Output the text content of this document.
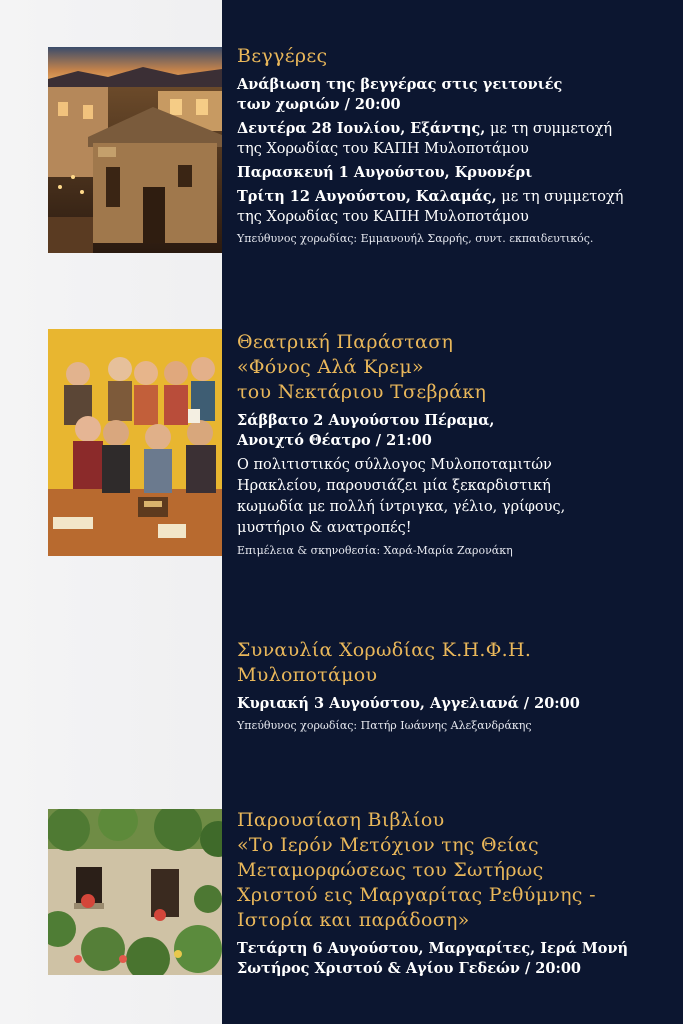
Βεγγέρες
Ανάβιωση της βεγγέρας στις γειτονιές
των χωριών / 20:00
Δευτέρα 28 Ιουλίου, Εξάντης, με τη συμμετοχή
της Χορωδίας του ΚΑΠΗ Μυλοποτάμου
Παρασκευή 1 Αυγούστου, Κρυονέρι
Τρίτη 12 Αυγούστου, Καλαμάς, με τη συμμετοχή
της Χορωδίας του ΚΑΠΗ Μυλοποτάμου
Υπεύθυνος χορωδίας: Εμμανουήλ Σαρρής, συντ. εκπαιδευτικός.
Θεατρική Παράσταση
«Φόνος Αλά Κρεμ»
του Νεκτάριου Τσεβράκη
Σάββατο 2 Αυγούστου Πέραμα,
Ανοιχτό Θέατρο / 21:00
Ο πολιτιστικός σύλλογος Μυλοποταμιτών
Ηρακλείου, παρουσιάζει μία ξεκαρδιστική
κωμωδία με πολλή ίντριγκα, γέλιο, γρίφους,
μυστήριο & ανατροπές!
Επιμέλεια & σκηνοθεσία: Χαρά-Μαρία Ζαρονάκη
Συναυλία Χορωδίας Κ.Η.Φ.Η.
Μυλοποτάμου
Κυριακή 3 Αυγούστου, Αγγελιανά / 20:00
Υπεύθυνος χορωδίας: Πατήρ Ιωάννης Αλεξανδράκης
Παρουσίαση Βιβλίου
«Το Ιερόν Μετόχιον της Θείας
Μεταμορφώσεως του Σωτήρως
Χριστού εις Μαργαρίτας Ρεθύμνης -
Ιστορία και παράδοση»
Τετάρτη 6 Αυγούστου, Μαργαρίτες, Ιερά Μονή
Σωτήρος Χριστού & Αγίου Γεδεών / 20:00
